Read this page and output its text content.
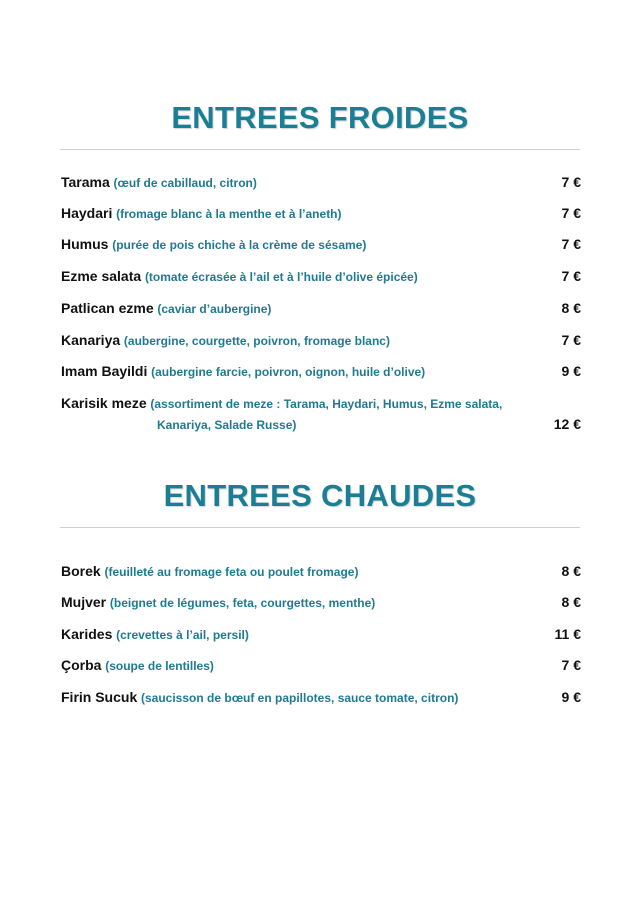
ENTREES FROIDES
Tarama (œuf de cabillaud, citron)	7 €
Haydari (fromage blanc à la menthe et à l’aneth)	7 €
Humus (purée de pois chiche à la crème de sésame)	7 €
Ezme salata (tomate écrasée à l’ail et à l’huile d’olive épicée)	7 €
Patlican ezme (caviar d’aubergine)	8 €
Kanariya (aubergine, courgette, poivron, fromage blanc)	7 €
Imam Bayildi (aubergine farcie, poivron, oignon, huile d’olive)	9 €
Karisik meze (assortiment de meze : Tarama, Haydari, Humus, Ezme salata,
Kanariya, Salade Russe)	12 €
ENTREES CHAUDES
Borek (feuilleté au fromage feta ou poulet fromage)	8 €
Mujver (beignet de légumes, feta, courgettes, menthe)	8 €
Karides (crevettes à l’ail, persil)	11 €
Çorba (soupe de lentilles)	7 €
Firin Sucuk (saucisson de bœuf en papillotes, sauce tomate, citron)	9 €
